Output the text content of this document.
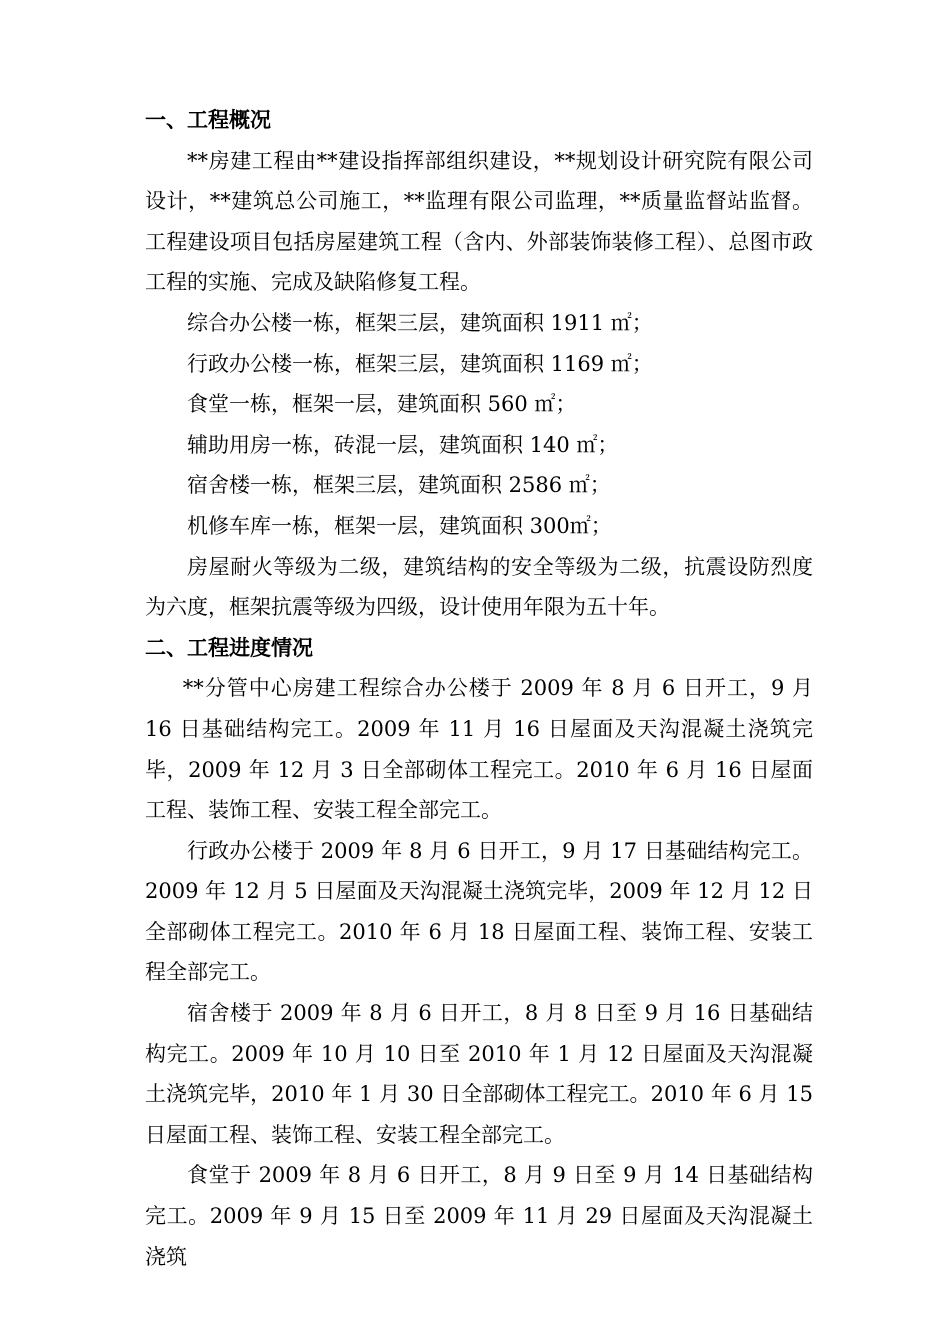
一、工程概况

**房建工程由**建设指挥部组织建设，**规划设计研究院有限公司设计，**建筑总公司施工，**监理有限公司监理，**质量监督站监督。工程建设项目包括房屋建筑工程（含内、外部装饰装修工程）、总图市政工程的实施、完成及缺陷修复工程。

综合办公楼一栋，框架三层，建筑面积 1911 ㎡；

行政办公楼一栋，框架三层，建筑面积 1169 ㎡；

食堂一栋，框架一层，建筑面积 560 ㎡；

辅助用房一栋，砖混一层，建筑面积 140 ㎡；

宿舍楼一栋，框架三层，建筑面积 2586 ㎡；

机修车库一栋，框架一层，建筑面积 300㎡；

房屋耐火等级为二级，建筑结构的安全等级为二级，抗震设防烈度为六度，框架抗震等级为四级，设计使用年限为五十年。

二、工程进度情况

**分管中心房建工程综合办公楼于 2009 年 8 月 6 日开工，9 月 16 日基础结构完工。2009 年 11 月 16 日屋面及天沟混凝土浇筑完毕，2009 年 12 月 3 日全部砌体工程完工。2010 年 6 月 16 日屋面工程、装饰工程、安装工程全部完工。

行政办公楼于 2009 年 8 月 6 日开工，9 月 17 日基础结构完工。2009 年 12 月 5 日屋面及天沟混凝土浇筑完毕，2009 年 12 月 12 日全部砌体工程完工。2010 年 6 月 18 日屋面工程、装饰工程、安装工程全部完工。

宿舍楼于 2009 年 8 月 6 日开工，8 月 8 日至 9 月 16 日基础结构完工。2009 年 10 月 10 日至 2010 年 1 月 12 日屋面及天沟混凝土浇筑完毕，2010 年 1 月 30 日全部砌体工程完工。2010 年 6 月 15 日屋面工程、装饰工程、安装工程全部完工。

食堂于 2009 年 8 月 6 日开工，8 月 9 日至 9 月 14 日基础结构完工。2009 年 9 月 15 日至 2009 年 11 月 29 日屋面及天沟混凝土浇筑
